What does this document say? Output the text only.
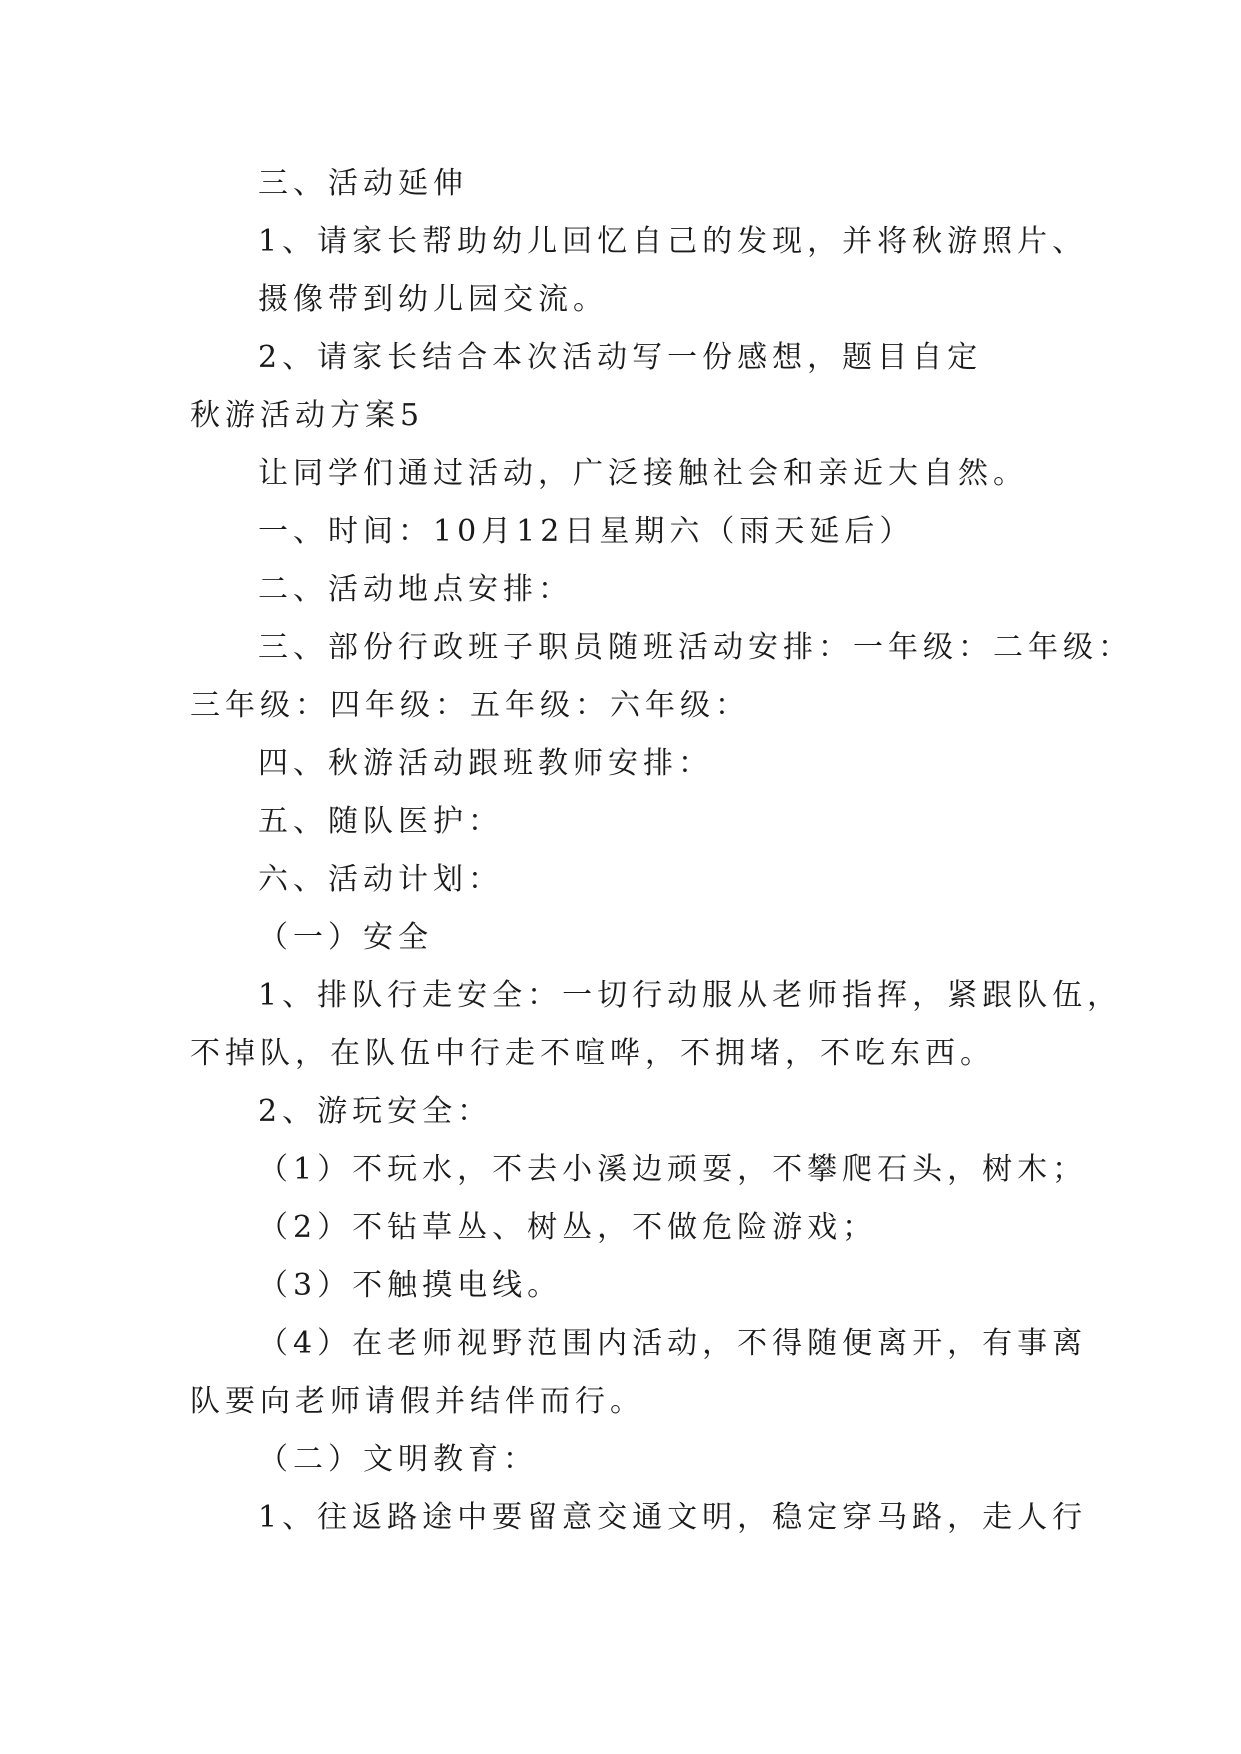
三、活动延伸
1、请家长帮助幼儿回忆自己的发现，并将秋游照片、
摄像带到幼儿园交流。
2、请家长结合本次活动写一份感想，题目自定
秋游活动方案5
让同学们通过活动，广泛接触社会和亲近大自然。
一、时间：10月12日星期六（雨天延后）
二、活动地点安排：
三、部份行政班子职员随班活动安排：一年级：二年级：
三年级：四年级：五年级：六年级：
四、秋游活动跟班教师安排：
五、随队医护：
六、活动计划：
（一）安全
1、排队行走安全：一切行动服从老师指挥，紧跟队伍，
不掉队，在队伍中行走不喧哗，不拥堵，不吃东西。
2、游玩安全：
（1）不玩水，不去小溪边顽耍，不攀爬石头，树木；
（2）不钻草丛、树丛，不做危险游戏；
（3）不触摸电线。
（4）在老师视野范围内活动，不得随便离开，有事离
队要向老师请假并结伴而行。
（二）文明教育：
1、往返路途中要留意交通文明，稳定穿马路，走人行
